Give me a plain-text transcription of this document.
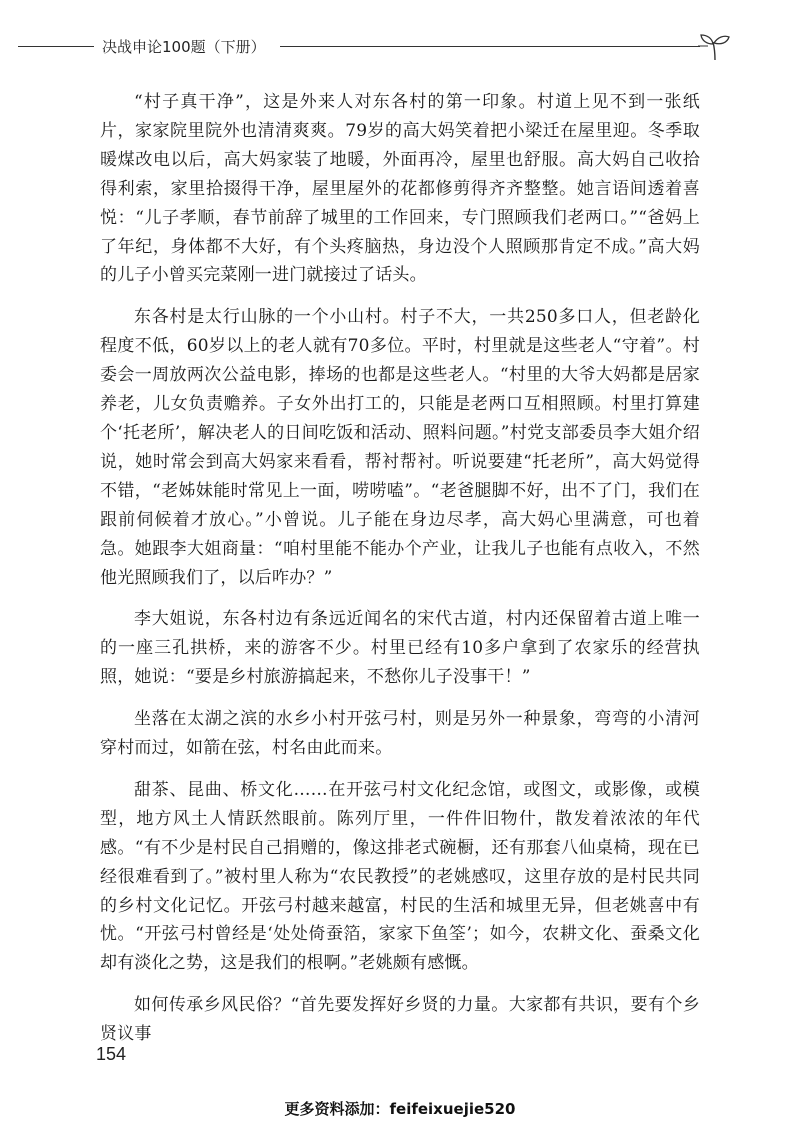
决战申论100题（下册）

“村子真干净”，这是外来人对东各村的第一印象。村道上见不到一张纸片，家家院里院外也清清爽爽。79岁的高大妈笑着把小梁迁在屋里迎。冬季取暖煤改电以后，高大妈家装了地暖，外面再冷，屋里也舒服。高大妈自己收拾得利索，家里拾掇得干净，屋里屋外的花都修剪得齐齐整整。她言语间透着喜悦：“儿子孝顺，春节前辞了城里的工作回来，专门照顾我们老两口。”“爸妈上了年纪，身体都不大好，有个头疼脑热，身边没个人照顾那肯定不成。”高大妈的儿子小曾买完菜刚一进门就接过了话头。

东各村是太行山脉的一个小山村。村子不大，一共250多口人，但老龄化程度不低，60岁以上的老人就有70多位。平时，村里就是这些老人“守着”。村委会一周放两次公益电影，捧场的也都是这些老人。“村里的大爷大妈都是居家养老，儿女负责赡养。子女外出打工的，只能是老两口互相照顾。村里打算建个‘托老所’，解决老人的日间吃饭和活动、照料问题。”村党支部委员李大姐介绍说，她时常会到高大妈家来看看，帮衬帮衬。听说要建“托老所”，高大妈觉得不错，“老姊妹能时常见上一面，唠唠嗑”。“老爸腿脚不好，出不了门，我们在跟前伺候着才放心。”小曾说。儿子能在身边尽孝，高大妈心里满意，可也着急。她跟李大姐商量：“咱村里能不能办个产业，让我儿子也能有点收入，不然他光照顾我们了，以后咋办？”

李大姐说，东各村边有条远近闻名的宋代古道，村内还保留着古道上唯一的一座三孔拱桥，来的游客不少。村里已经有10多户拿到了农家乐的经营执照，她说：“要是乡村旅游搞起来，不愁你儿子没事干！”

坐落在太湖之滨的水乡小村开弦弓村，则是另外一种景象，弯弯的小清河穿村而过，如箭在弦，村名由此而来。

甜茶、昆曲、桥文化……在开弦弓村文化纪念馆，或图文，或影像，或模型，地方风土人情跃然眼前。陈列厅里，一件件旧物什，散发着浓浓的年代感。“有不少是村民自己捐赠的，像这排老式碗橱，还有那套八仙桌椅，现在已经很难看到了。”被村里人称为“农民教授”的老姚感叹，这里存放的是村民共同的乡村文化记忆。开弦弓村越来越富，村民的生活和城里无异，但老姚喜中有忧。“开弦弓村曾经是‘处处倚蚕箔，家家下鱼筌’；如今，农耕文化、蚕桑文化却有淡化之势，这是我们的根啊。”老姚颇有感慨。

如何传承乡风民俗？“首先要发挥好乡贤的力量。大家都有共识，要有个乡贤议事

154
更多资料添加：feifeixuejie520
